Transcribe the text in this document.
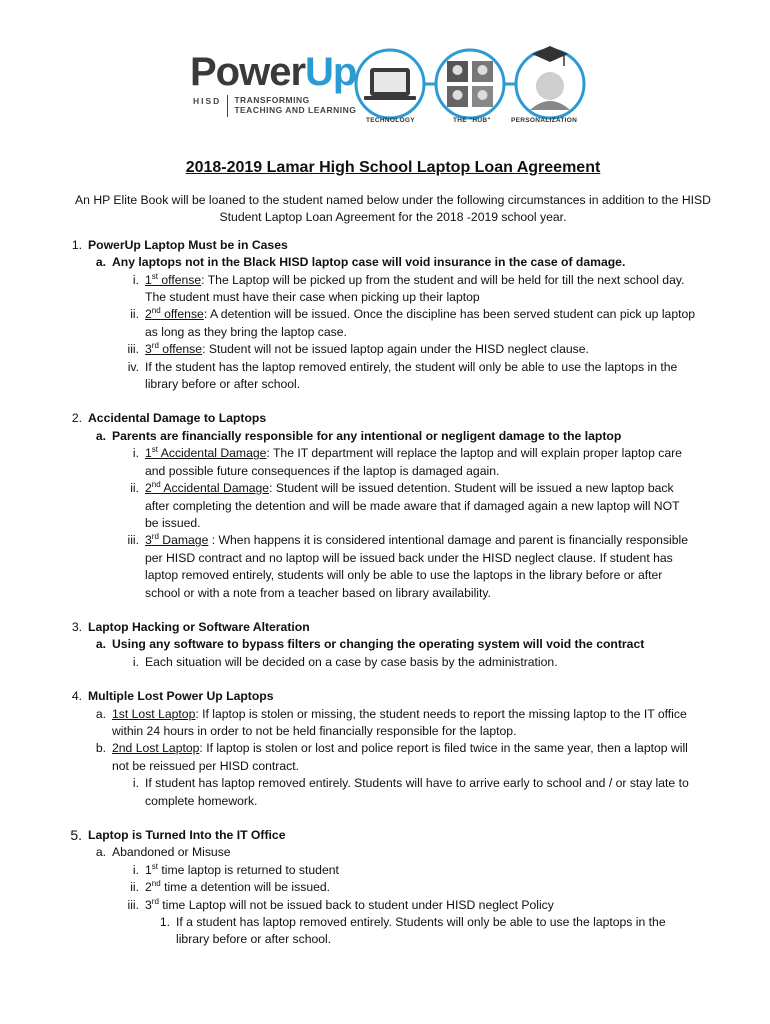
PowerUp
HISD TRANSFORMING
TEACHING AND LEARNING
TECHNOLOGY	THE "HUB"	PERSONALIZATION
2018-2019 Lamar High School Laptop Loan Agreement
An HP Elite Book will be loaned to the student named below under the following circumstances in addition to the HISD
Student Laptop Loan Agreement for the 2018 -2019 school year.
1. PowerUp Laptop Must be in Cases
a. Any laptops not in the Black HISD laptop case will void insurance in the case of damage.
i. 1st offense: The Laptop will be picked up from the student and will be held for till the next school day.
The student must have their case when picking up their laptop
ii. 2nd offense: A detention will be issued. Once the discipline has been served student can pick up laptop
as long as they bring the laptop case.
iii. 3rd offense: Student will not be issued laptop again under the HISD neglect clause.
iv. If the student has the laptop removed entirely, the student will only be able to use the laptops in the
library before or after school.
2. Accidental Damage to Laptops
a. Parents are financially responsible for any intentional or negligent damage to the laptop
i. 1st Accidental Damage: The IT department will replace the laptop and will explain proper laptop care
and possible future consequences if the laptop is damaged again.
ii. 2nd Accidental Damage: Student will be issued detention. Student will be issued a new laptop back
after completing the detention and will be made aware that if damaged again a new laptop will NOT
be issued.
iii. 3rd Damage : When happens it is considered intentional damage and parent is financially responsible
per HISD contract and no laptop will be issued back under the HISD neglect clause. If student has
laptop removed entirely, students will only be able to use the laptops in the library before or after
school or with a note from a teacher based on library availability.
3. Laptop Hacking or Software Alteration
a. Using any software to bypass filters or changing the operating system will void the contract
i. Each situation will be decided on a case by case basis by the administration.
4. Multiple Lost Power Up Laptops
a. 1st Lost Laptop: If laptop is stolen or missing, the student needs to report the missing laptop to the IT office
within 24 hours in order to not be held financially responsible for the laptop.
b. 2nd Lost Laptop: If laptop is stolen or lost and police report is filed twice in the same year, then a laptop will
not be reissued per HISD contract.
i. If student has laptop removed entirely. Students will have to arrive early to school and / or stay late to
complete homework.
5. Laptop is Turned Into the IT Office
a. Abandoned or Misuse
i. 1st time laptop is returned to student
ii. 2nd time a detention will be issued.
iii. 3rd time Laptop will not be issued back to student under HISD neglect Policy
1. If a student has laptop removed entirely. Students will only be able to use the laptops in the
library before or after school.
